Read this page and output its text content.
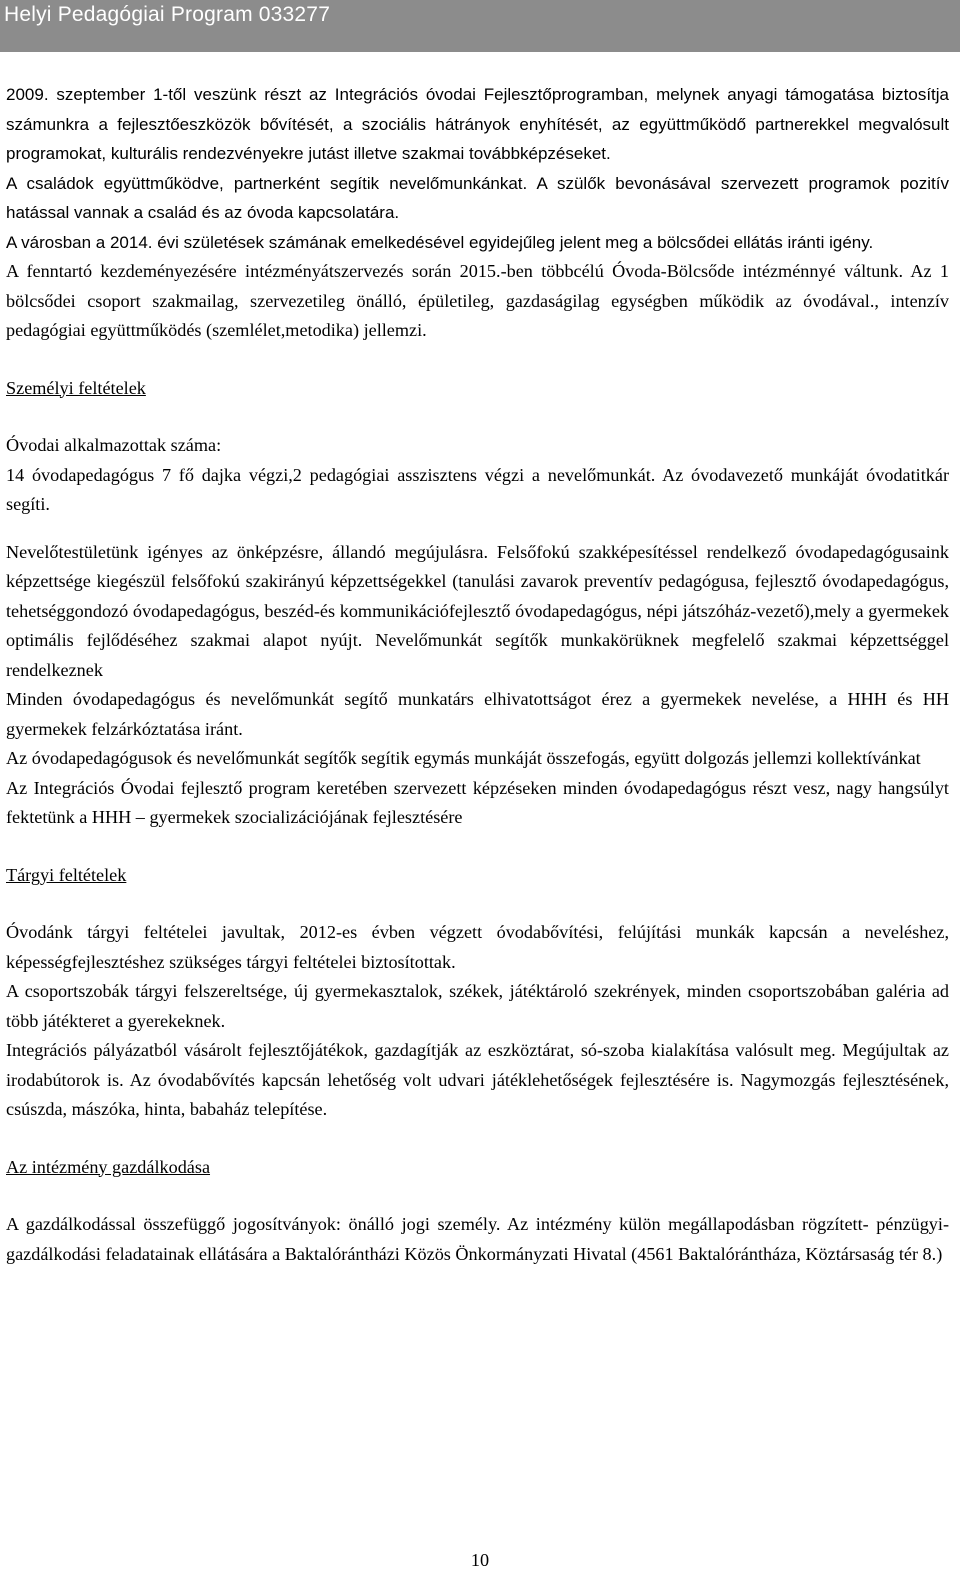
Helyi Pedagógiai Program 033277

2009. szeptember 1-től veszünk részt az Integrációs óvodai Fejlesztőprogramban, melynek anyagi támogatása biztosítja számunkra a fejlesztőeszközök bővítését, a szociális hátrányok enyhítését, az együttműködő partnerekkel megvalósult programokat, kulturális rendezvényekre jutást illetve szakmai továbbképzéseket.

A családok együttműködve, partnerként segítik nevelőmunkánkat. A szülők bevonásával szervezett programok pozitív hatással vannak a család és az óvoda kapcsolatára.

A városban a 2014. évi születések számának emelkedésével egyidejűleg jelent meg a bölcsődei ellátás iránti igény.

A fenntartó kezdeményezésére intézményátszervezés során 2015.-ben többcélú Óvoda-Bölcsőde intézménnyé váltunk. Az 1 bölcsődei csoport szakmailag, szervezetileg önálló, épületileg, gazdaságilag egységben működik az óvodával., intenzív pedagógiai együttműködés (szemlélet,metodika) jellemzi.

Személyi feltételek

Óvodai alkalmazottak száma:

14 óvodapedagógus 7 fő dajka végzi,2 pedagógiai asszisztens végzi a nevelőmunkát. Az óvodavezető munkáját óvodatitkár segíti.

Nevelőtestületünk igényes az önképzésre, állandó megújulásra. Felsőfokú szakképesítéssel rendelkező óvodapedagógusaink képzettsége kiegészül felsőfokú szakirányú képzettségekkel (tanulási zavarok preventív pedagógusa, fejlesztő óvodapedagógus, tehetséggondozó óvodapedagógus, beszéd-és kommunikációfejlesztő óvodapedagógus, népi játszóház-vezető),mely a gyermekek optimális fejlődéséhez szakmai alapot nyújt. Nevelőmunkát segítők munkakörüknek megfelelő szakmai képzettséggel rendelkeznek

Minden óvodapedagógus és nevelőmunkát segítő munkatárs elhivatottságot érez a gyermekek nevelése, a HHH és HH gyermekek felzárkóztatása iránt.

Az óvodapedagógusok és nevelőmunkát segítők segítik egymás munkáját összefogás, együtt dolgozás jellemzi kollektívánkat

Az Integrációs Óvodai fejlesztő program keretében szervezett képzéseken minden óvodapedagógus részt vesz, nagy hangsúlyt fektetünk a HHH – gyermekek szocializációjának fejlesztésére

Tárgyi feltételek

Óvodánk tárgyi feltételei javultak, 2012-es évben végzett óvodabővítési, felújítási munkák kapcsán a neveléshez, képességfejlesztéshez szükséges tárgyi feltételei biztosítottak.

A csoportszobák tárgyi felszereltsége, új gyermekasztalok, székek, játéktároló szekrények, minden csoportszobában galéria ad több játékteret a gyerekeknek.

Integrációs pályázatból vásárolt fejlesztőjátékok, gazdagítják az eszköztárat, só-szoba kialakítása valósult meg. Megújultak az irodabútorok is. Az óvodabővítés kapcsán lehetőség volt udvari játéklehetőségek fejlesztésére is. Nagymozgás fejlesztésének, csúszda, mászóka, hinta, babaház telepítése.

Az intézmény gazdálkodása

A gazdálkodással összefüggő jogosítványok: önálló jogi személy. Az intézmény külön megállapodásban rögzített- pénzügyi-gazdálkodási feladatainak ellátására a Baktalórántházi Közös Önkormányzati Hivatal (4561 Baktalórántháza, Köztársaság tér 8.)

10
